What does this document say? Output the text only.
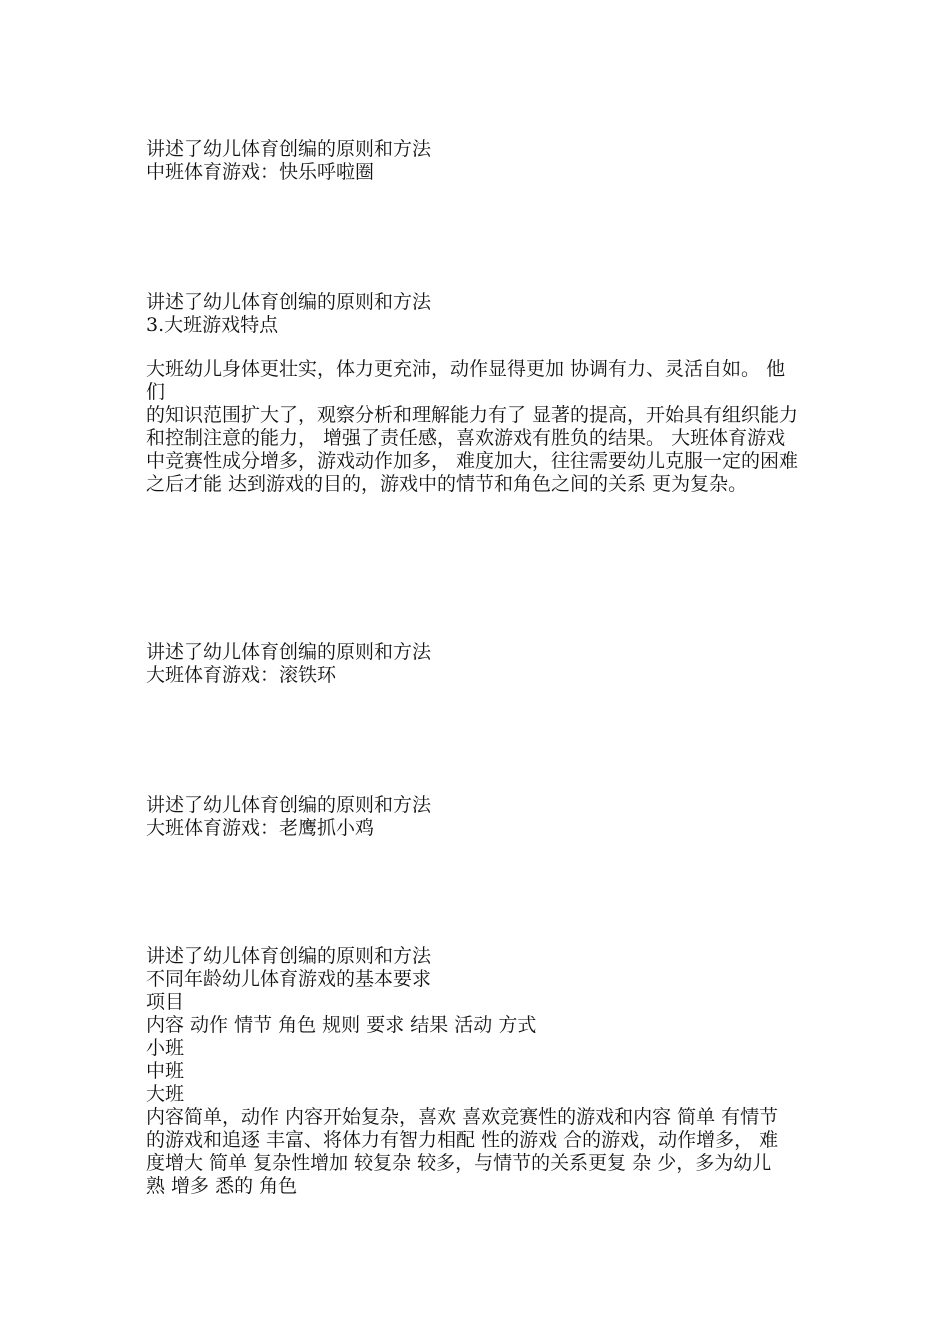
讲述了幼儿体育创编的原则和方法

中班体育游戏：快乐呼啦圈

讲述了幼儿体育创编的原则和方法

3.大班游戏特点

大班幼儿身体更壮实，体力更充沛，动作显得更加 协调有力、灵活自如。 他
们
的知识范围扩大了，观察分析和理解能力有了 显著的提高，开始具有组织能力
和控制注意的能力， 增强了责任感，喜欢游戏有胜负的结果。 大班体育游戏
中竞赛性成分增多，游戏动作加多， 难度加大，往往需要幼儿克服一定的困难
之后才能 达到游戏的目的，游戏中的情节和角色之间的关系 更为复杂。

讲述了幼儿体育创编的原则和方法

大班体育游戏：滚铁环

讲述了幼儿体育创编的原则和方法

大班体育游戏：老鹰抓小鸡

讲述了幼儿体育创编的原则和方法

不同年龄幼儿体育游戏的基本要求

项目
内容 动作 情节 角色 规则 要求 结果 活动 方式
小班
中班
大班
内容简单，动作 内容开始复杂，喜欢 喜欢竞赛性的游戏和内容 简单 有情节
的游戏和追逐 丰富、将体力有智力相配 性的游戏 合的游戏，动作增多， 难
度增大 简单 复杂性增加 较复杂 较多，与情节的关系更复 杂 少，多为幼儿
熟 增多 悉的 角色
